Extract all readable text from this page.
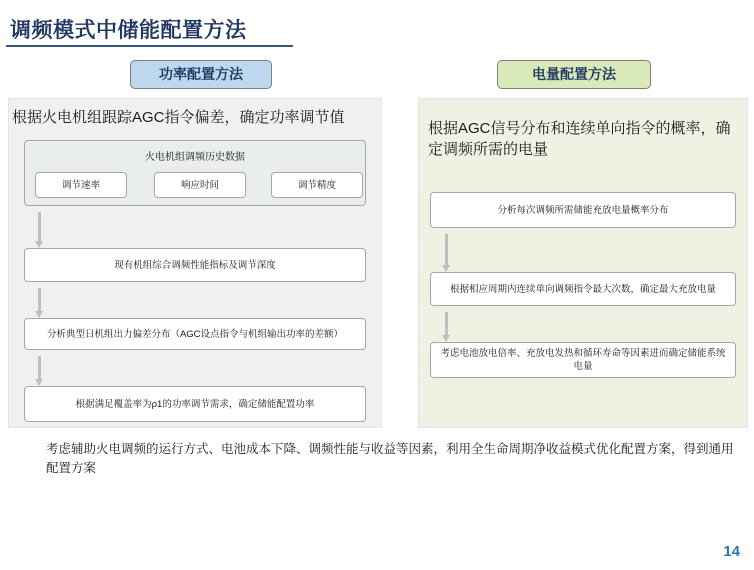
调频模式中储能配置方法
功率配置方法	电量配置方法
根据火电机组跟踪AGC指令偏差，确定功率调节值
火电机组调频历史数据
调节速率	响应时间	调节精度
现有机组综合调频性能指标及调节深度
分析典型日机组出力偏差分布（AGC设点指令与机组输出功率的差额）
根据满足覆盖率为ρ1的功率调节需求，确定储能配置功率
根据AGC信号分布和连续单向指令的概率，确定调频所需的电量
分析每次调频所需储能充放电量概率分布
根据相应周期内连续单向调频指令最大次数，确定最大充放电量
考虑电池放电倍率、充放电发热和循环寿命等因素进而确定储能系统电量
考虑辅助火电调频的运行方式、电池成本下降、调频性能与收益等因素，利用全生命周期净收益模式优化配置方案，得到通用配置方案
14
